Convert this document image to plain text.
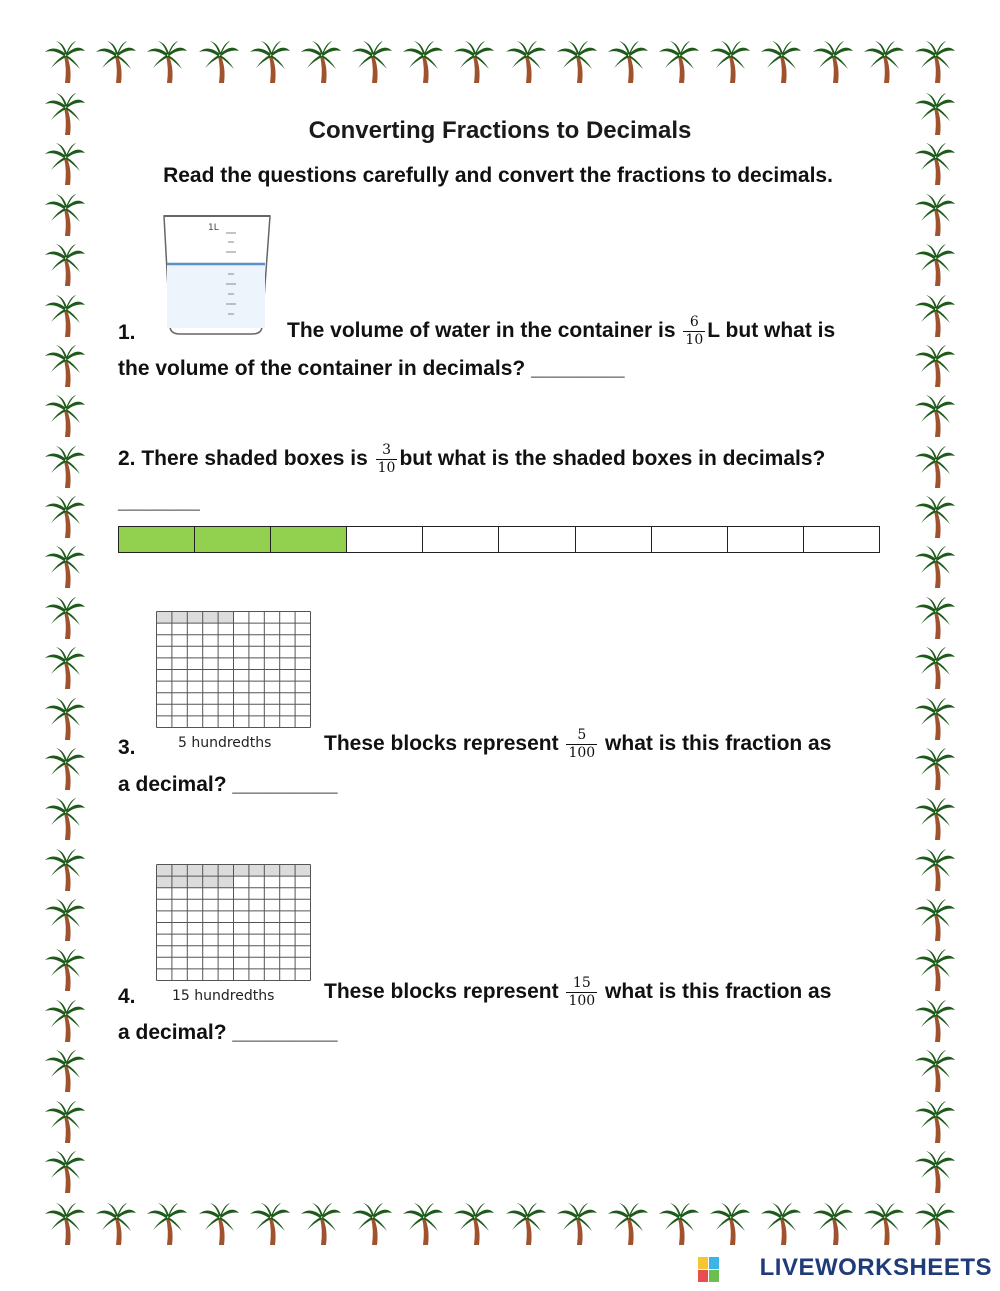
Converting Fractions to Decimals
Read the questions carefully and convert the fractions to decimals.
1L
1.	The volume of water in the container is $\frac{6}{10}$ L but what is
the volume of the container in decimals? ________
2. There shaded boxes is $\frac{3}{10}$ but what is the shaded boxes in decimals?
_______
5 hundredths
3.	These blocks represent $\frac{5}{100}$ what is this fraction as
a decimal? _________
15 hundredths
4.	These blocks represent $\frac{15}{100}$ what is this fraction as
a decimal? _________
LIVEWORKSHEETS
